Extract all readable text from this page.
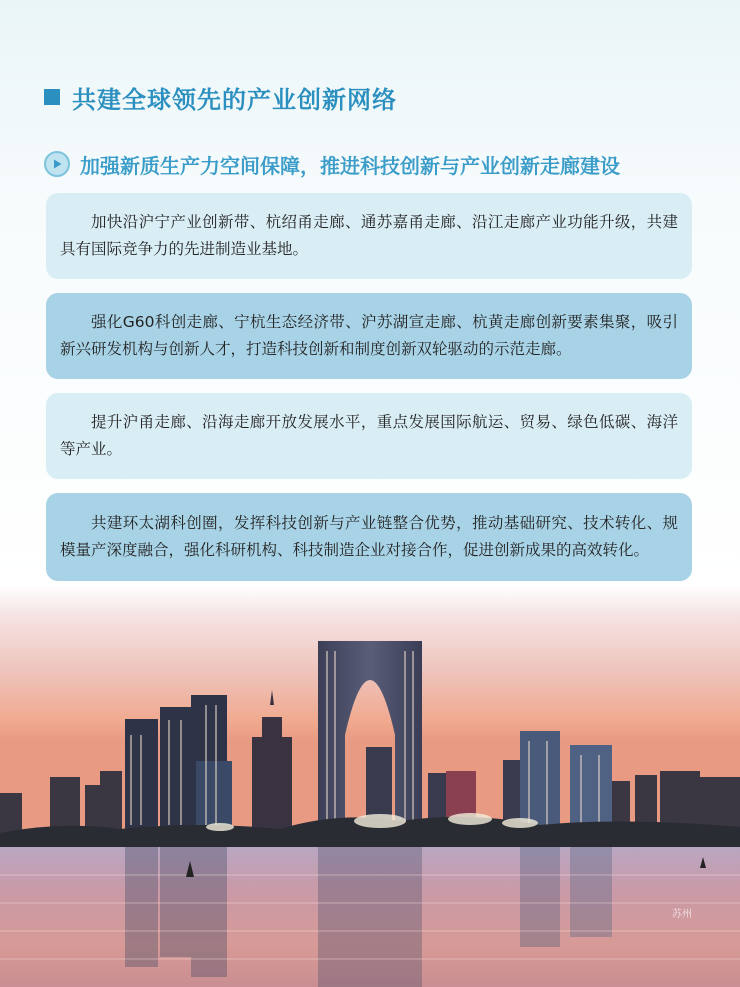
共建全球领先的产业创新网络
加强新质生产力空间保障，推进科技创新与产业创新走廊建设

加快沿沪宁产业创新带、杭绍甬走廊、通苏嘉甬走廊、沿江走廊产业功能升级，共建具有国际竞争力的先进制造业基地。

强化G60科创走廊、宁杭生态经济带、沪苏湖宣走廊、杭黄走廊创新要素集聚，吸引新兴研发机构与创新人才，打造科技创新和制度创新双轮驱动的示范走廊。

提升沪甬走廊、沿海走廊开放发展水平，重点发展国际航运、贸易、绿色低碳、海洋等产业。

共建环太湖科创圈，发挥科技创新与产业链整合优势，推动基础研究、技术转化、规模量产深度融合，强化科研机构、科技制造企业对接合作，促进创新成果的高效转化。

苏州
